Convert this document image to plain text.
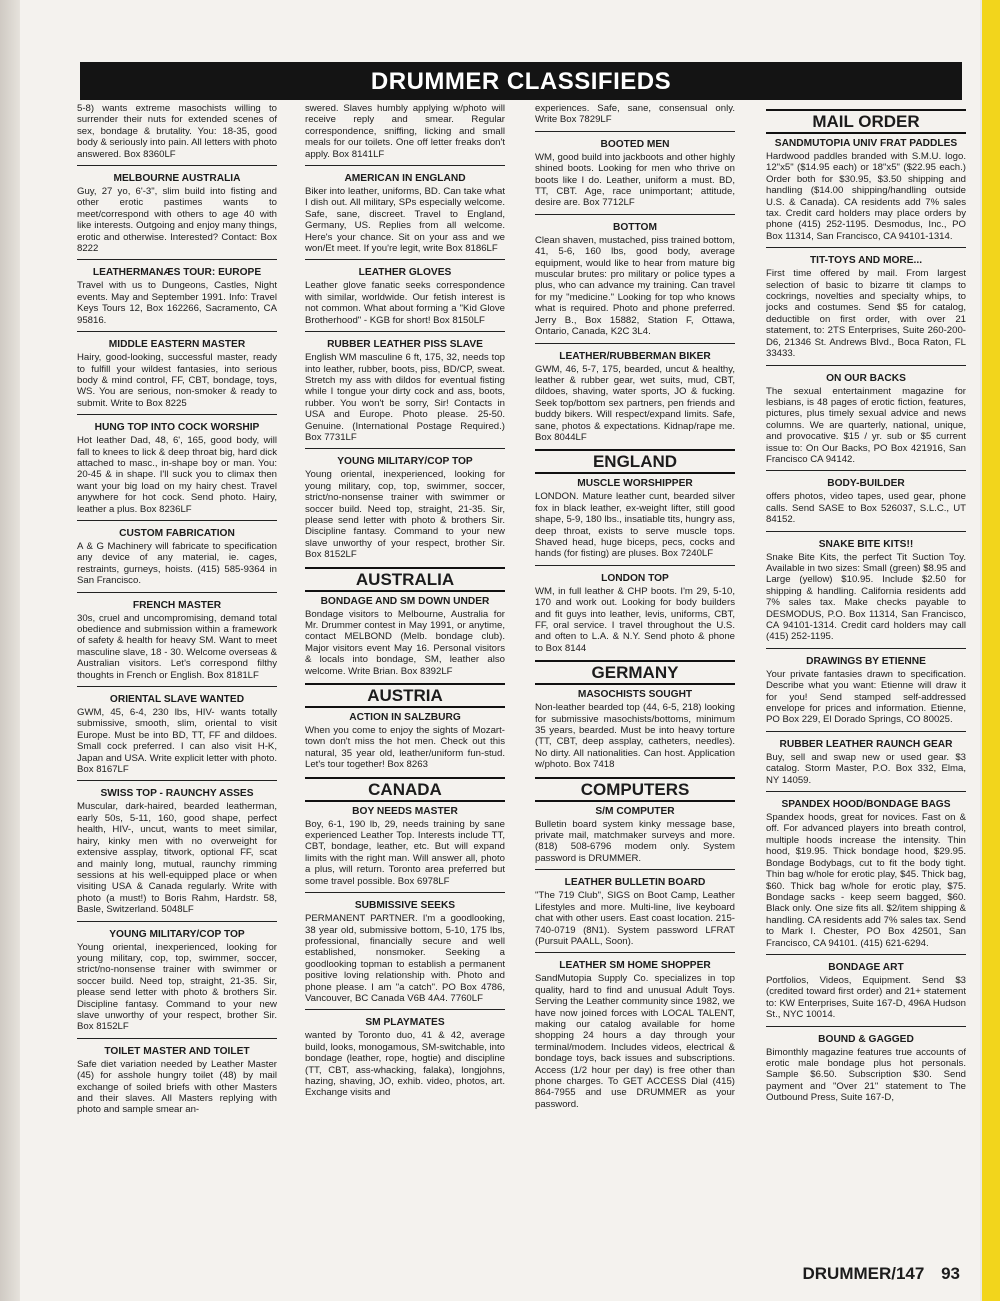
DRUMMER CLASSIFIEDS

5-8) wants extreme masochists willing to surrender their nuts for extended scenes of sex, bondage & brutality. You: 18-35, good body & seriously into pain. All letters with photo answered. Box 8360LF

MELBOURNE AUSTRALIA

Guy, 27 yo, 6'-3", slim build into fisting and other erotic pastimes wants to meet/correspond with others to age 40 with like interests. Outgoing and enjoy many things, erotic and otherwise. Interested? Contact: Box 8222

LEATHERMANÆS TOUR: EUROPE

Travel with us to Dungeons, Castles, Night events. May and September 1991. Info: Travel Keys Tours 12, Box 162266, Sacramento, CA 95816.

MIDDLE EASTERN MASTER

Hairy, good-looking, successful master, ready to fulfill your wildest fantasies, into serious body & mind control, FF, CBT, bondage, toys, WS. You are serious, non-smoker & ready to submit. Write to Box 8225

HUNG TOP INTO COCK WORSHIP

Hot leather Dad, 48, 6', 165, good body, will fall to knees to lick & deep throat big, hard dick attached to masc., in-shape boy or man. You: 20-45 & in shape. I'll suck you to climax then want your big load on my hairy chest. Travel anywhere for hot cock. Send photo. Hairy, leather a plus. Box 8236LF

CUSTOM FABRICATION

A & G Machinery will fabricate to specification any device of any material, ie. cages, restraints, gurneys, hoists. (415) 585-9364 in San Francisco.

FRENCH MASTER

30s, cruel and uncompromising, demand total obedience and submission within a framework of safety & health for heavy SM. Want to meet masculine slave, 18 - 30. Welcome overseas & Australian visitors. Let's correspond filthy thoughts in French or English. Box 8181LF

ORIENTAL SLAVE WANTED

GWM, 45, 6-4, 230 lbs, HIV- wants totally submissive, smooth, slim, oriental to visit Europe. Must be into BD, TT, FF and dildoes. Small cock preferred. I can also visit H-K, Japan and USA. Write explicit letter with photo. Box 8167LF

SWISS TOP - RAUNCHY ASSES

Muscular, dark-haired, bearded leatherman, early 50s, 5-11, 160, good shape, perfect health, HIV-, uncut, wants to meet similar, hairy, kinky men with no overweight for extensive assplay, titwork, optional FF, scat and mainly long, mutual, raunchy rimming sessions at his well-equipped place or when visiting USA & Canada regularly. Write with photo (a must!) to Boris Rahm, Hardstr. 58, Basle, Switzerland. 5048LF

YOUNG MILITARY/COP TOP

Young oriental, inexperienced, looking for young military, cop, top, swimmer, soccer, strict/no-nonsense trainer with swimmer or soccer build. Need top, straight, 21-35. Sir, please send letter with photo & brothers Sir. Discipline fantasy. Command to your new slave unworthy of your respect, brother Sir. Box 8152LF

TOILET MASTER AND TOILET

Safe diet variation needed by Leather Master (45) for asshole hungry toilet (48) by mail exchange of soiled briefs with other Masters and their slaves. All Masters replying with photo and sample smear an-

swered. Slaves humbly applying w/photo will receive reply and smear. Regular correspondence, sniffing, licking and small meals for our toilets. One off letter freaks don't apply. Box 8141LF

AMERICAN IN ENGLAND

Biker into leather, uniforms, BD. Can take what I dish out. All military, SPs especially welcome. Safe, sane, discreet. Travel to England, Germany, US. Replies from all welcome. Here's your chance. Sit on your ass and we won/Et meet. If you're legit, write Box 8186LF

LEATHER GLOVES

Leather glove fanatic seeks correspondence with similar, worldwide. Our fetish interest is not common. What about forming a "Kid Glove Brotherhood" - KGB for short! Box 8150LF

RUBBER LEATHER PISS SLAVE

English WM masculine 6 ft, 175, 32, needs top into leather, rubber, boots, piss, BD/CP, sweat. Stretch my ass with dildos for eventual fisting while I tongue your dirty cock and ass, boots, rubber. You won't be sorry, Sir! Contacts in USA and Europe. Photo please. 25-50. Genuine. (International Postage Required.) Box 7731LF

YOUNG MILITARY/COP TOP

Young oriental, inexperienced, looking for young military, cop, top, swimmer, soccer, strict/no-nonsense trainer with swimmer or soccer build. Need top, straight, 21-35. Sir, please send letter with photo & brothers Sir. Discipline fantasy. Command to your new slave unworthy of your respect, brother Sir. Box 8152LF

AUSTRALIA
BONDAGE AND SM DOWN UNDER

Bondage visitors to Melbourne, Australia for Mr. Drummer contest in May 1991, or anytime, contact MELBOND (Melb. bondage club). Major visitors event May 16. Personal visitors & locals into bondage, SM, leather also welcome. Write Brian. Box 8392LF

AUSTRIA
ACTION IN SALZBURG

When you come to enjoy the sights of Mozart-town don't miss the hot men. Check out this natural, 35 year old, leather/uniform fun-stud. Let's tour together! Box 8263

CANADA
BOY NEEDS MASTER

Boy, 6-1, 190 lb, 29, needs training by sane experienced Leather Top. Interests include TT, CBT, bondage, leather, etc. But will expand limits with the right man. Will answer all, photo a plus, will return. Toronto area preferred but some travel possible. Box 6978LF

SUBMISSIVE SEEKS

PERMANENT PARTNER. I'm a goodlooking, 38 year old, submissive bottom, 5-10, 175 lbs, professional, financially secure and well established, nonsmoker. Seeking a goodlooking topman to establish a permanent positive loving relationship with. Photo and phone please. I am "a catch". PO Box 4786, Vancouver, BC Canada V6B 4A4. 7760LF

SM PLAYMATES

wanted by Toronto duo, 41 & 42, average build, looks, monogamous, SM-switchable, into bondage (leather, rope, hogtie) and discipline (TT, CBT, ass-whacking, falaka), longjohns, hazing, shaving, JO, exhib. video, photos, art. Exchange visits and

experiences. Safe, sane, consensual only. Write Box 7829LF

BOOTED MEN

WM, good build into jackboots and other highly shined boots. Looking for men who thrive on boots like I do. Leather, uniform a must. BD, TT, CBT. Age, race unimportant; attitude, desire are. Box 7712LF

BOTTOM

Clean shaven, mustached, piss trained bottom, 41, 5-6, 160 lbs, good body, average equipment, would like to hear from mature big muscular brutes: pro military or police types a plus, who can advance my training. Can travel for my "medicine." Looking for top who knows what is required. Photo and phone preferred. Jerry B., Box 15882, Station F, Ottawa, Ontario, Canada, K2C 3L4.

LEATHER/RUBBERMAN BIKER

GWM, 46, 5-7, 175, bearded, uncut & healthy, leather & rubber gear, wet suits, mud, CBT, dildoes, shaving, water sports, JO & fucking. Seek top/bottom sex partners, pen friends and buddy bikers. Will respect/expand limits. Safe, sane, photos & expectations. Kidnap/rape me. Box 8044LF

ENGLAND
MUSCLE WORSHIPPER

LONDON. Mature leather cunt, bearded silver fox in black leather, ex-weight lifter, still good shape, 5-9, 180 lbs., insatiable tits, hungry ass, deep throat, exists to serve muscle tops. Shaved head, huge biceps, pecs, cocks and hands (for fisting) are pluses. Box 7240LF

LONDON TOP

WM, in full leather & CHP boots. I'm 29, 5-10, 170 and work out. Looking for body builders and fit guys into leather, levis, uniforms, CBT, FF, oral service. I travel throughout the U.S. and often to L.A. & N.Y. Send photo & phone to Box 8144

GERMANY
MASOCHISTS SOUGHT

Non-leather bearded top (44, 6-5, 218) looking for submissive masochists/bottoms, minimum 35 years, bearded. Must be into heavy torture (TT, CBT, deep assplay, catheters, needles). No dirty. All nationalities. Can host. Application w/photo. Box 7418

COMPUTERS
S/M COMPUTER

Bulletin board system kinky message base, private mail, matchmaker surveys and more. (818) 508-6796 modem only. System password is DRUMMER.

LEATHER BULLETIN BOARD

"The 719 Club", SIGS on Boot Camp, Leather Lifestyles and more. Multi-line, live keyboard chat with other users. East coast location. 215-740-0719 (8N1). System password LFRAT (Pursuit PAALL, Soon).

LEATHER SM HOME SHOPPER

SandMutopia Supply Co. specializes in top quality, hard to find and unusual Adult Toys. Serving the Leather community since 1982, we have now joined forces with LOCAL TALENT, making our catalog available for home shopping 24 hours a day through your terminal/modem. Includes videos, electrical & bondage toys, back issues and subscriptions. Access (1/2 hour per day) is free other than phone charges. To GET ACCESS Dial (415) 864-7955 and use DRUMMER as your password.

MAIL ORDER
SANDMUTOPIA UNIV FRAT PADDLES

Hardwood paddles branded with S.M.U. logo. 12"x5" ($14.95 each) or 18"x5" ($22.95 each.) Order both for $30.95, $3.50 shipping and handling ($14.00 shipping/handling outside U.S. & Canada). CA residents add 7% sales tax. Credit card holders may place orders by phone (415) 252-1195. Desmodus, Inc., PO Box 11314, San Francisco, CA 94101-1314.

TIT-TOYS AND MORE...

First time offered by mail. From largest selection of basic to bizarre tit clamps to cockrings, novelties and specialty whips, to jocks and costumes. Send $5 for catalog, deductible on first order, with over 21 statement, to: 2TS Enterprises, Suite 260-200-D6, 21346 St. Andrews Blvd., Boca Raton, FL 33433.

ON OUR BACKS

The sexual entertainment magazine for lesbians, is 48 pages of erotic fiction, features, pictures, plus timely sexual advice and news columns. We are quarterly, national, unique, and provocative. $15 / yr. sub or $5 current issue to: On Our Backs, PO Box 421916, San Francisco CA 94142.

BODY-BUILDER

offers photos, video tapes, used gear, phone calls. Send SASE to Box 526037, S.L.C., UT 84152.

SNAKE BITE KITS!!

Snake Bite Kits, the perfect Tit Suction Toy. Available in two sizes: Small (green) $8.95 and Large (yellow) $10.95. Include $2.50 for shipping & handling. California residents add 7% sales tax. Make checks payable to DESMODUS, P.O. Box 11314, San Francisco, CA 94101-1314. Credit card holders may call (415) 252-1195.

DRAWINGS BY ETIENNE

Your private fantasies drawn to specification. Describe what you want: Etienne will draw it for you! Send stamped self-addressed envelope for prices and information. Etienne, PO Box 229, El Dorado Springs, CO 80025.

RUBBER LEATHER RAUNCH GEAR

Buy, sell and swap new or used gear. $3 catalog. Storm Master, P.O. Box 332, Elma, NY 14059.

SPANDEX HOOD/BONDAGE BAGS

Spandex hoods, great for novices. Fast on & off. For advanced players into breath control, multiple hoods increase the intensity. Thin hood, $19.95. Thick bondage hood, $29.95. Bondage Bodybags, cut to fit the body tight. Thin bag w/hole for erotic play, $45. Thick bag, $60. Thick bag w/hole for erotic play, $75. Bondage sacks - keep seem bagged, $60. Black only. One size fits all. $2/item shipping & handling. CA residents add 7% sales tax. Send to Mark I. Chester, PO Box 42501, San Francisco, CA 94101. (415) 621-6294.

BONDAGE ART

Portfolios, Videos, Equipment. Send $3 (credited toward first order) and 21+ statement to: KW Enterprises, Suite 167-D, 496A Hudson St., NYC 10014.

BOUND & GAGGED

Bimonthly magazine features true accounts of erotic male bondage plus hot personals. Sample $6.50. Subscription $30. Send payment and "Over 21" statement to The Outbound Press, Suite 167-D,

DRUMMER/147 93
